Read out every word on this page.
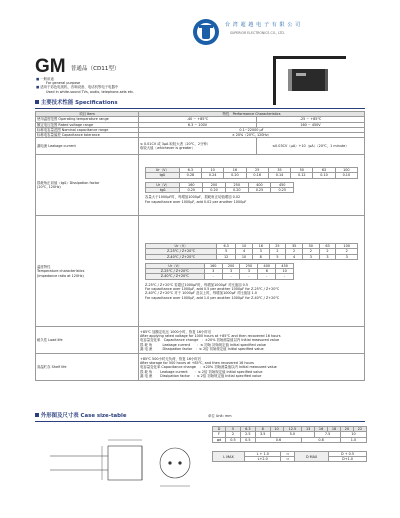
台 湾 超 越 电 子 有 限 公 司
SUPERIOR ELECTRONICS CO., LTD.
GM 普通品（CD11型）
■ 一般用途
For general purpose
■ 适用于彩色电视机、音响设备、电话机等电子电器中
Used in white-sound TVs, audio, telephone-sets etc.
主要技术性能 Specifications
项目 Item	特性　Performance Characteristics
使用温度范围 Operating temperature range	-40 ~ +85℃	-25 ~ +85℃
额定电压范围 Rated voltage range	6.3 ~ 100V	160 ~ 450V
标称电容量范围 Nominal capacitance range	0.1~22000 μF
标称电容量偏差 Capacitance tolerance	± 20%（20℃, 120Hz）
漏电流 Leakage current	
≤ 0.01CV 或 3μA 取较大者（20℃，2分钟）
取较大值（whichever is greater）
	≤0.03CV（μA）+10（μA）（20℃，1 minute）

损耗角正切值（tgδ）Dissipation factor
(20℃, 120Hz)

Ur（V）	6.3	10	16	25	35	50	63	100
tgδ	0.28	0.24	0.20	0.16	0.14	0.12	0.10	0.10
Ur（V）	160	200	250	400	450
tgδ	0.20	0.20	0.20	0.25	0.25
容量大于1000μF时，每增加1000μF，损耗角正切值增加 0.02
For capacitance over 1000μF, add 0.02 per another 1000μF

温度特性
Temperature characteristics
(Impedance ratio at 120Hz)

Ur（V）	6.3	10	16	25	35	50	63	100
Z-25℃ / Z+20℃	5	4	3	2	2	2	2	2
Z-40℃ / Z+20℃	12	10	8	5	4	3	3	3
Ur（V）	160	200	250	400	450
Z-25℃ / Z+20℃	3	3	3	6	10
Z-40℃ / Z+20℃	-	-	-	-	-
Z-25℃ / Z+20℃ 若超过1000μF时，每增加1000μF 对比值加 0.5
For capacitance over 1000μF, add 0.5 per another 1000μF for Z-25℃ / Z+20℃
Z-40℃ / Z+20℃ 对于 1000μF 及以上时，每增加1000μF 对比值加 1.0
For capacitance over 1000μF, add 1.0 per another 1000μF for Z-40℃ / Z+20℃

耐久性 Load life	
+85℃ 加额定电压 1000小时，恢复 16小时后
After applying rated voltage for 1000 hours at +85℃ and then recovered 16 hours
电容量变化率　Capacitance change　：±20% 初始测量值以内 Initial measured value
损 耗 角　　　Leakage current　　：≤ 初始 初始规定值 Initial specified value
漏 电 流　　　Dissipation factor　：≤ 2倍 初始规定值 Initial specified value

高温贮存 Shelf life	
+85℃ 500小时无负荷，恢复 16小时后
After storage for 500 hours at +85℃, and then recovered 16 hours
电容量变化率 Capacitance change　：±20% 初始测量值以内 Initial measured value
损 耗 角　　 Leakage current　　：≤ 2倍 初始规定值 Initial specified value
漏 电 流　　 Dissipation factor　：≤ 2倍 初始规定值 Initial specified value
外形图及尺寸表 Case size-table	单位 Unit: mm
D	5	6.3	8	10	12.5	13	16	18	20	22
F	2	2.5	3.5	5.0			7.5		10	
φd	0.5	0.5	0.6			0.8			1.0	
L MAX	L + 1.0	⇔	D MAX	D + 0.5
	L+2.0	⇔		D+1.0
